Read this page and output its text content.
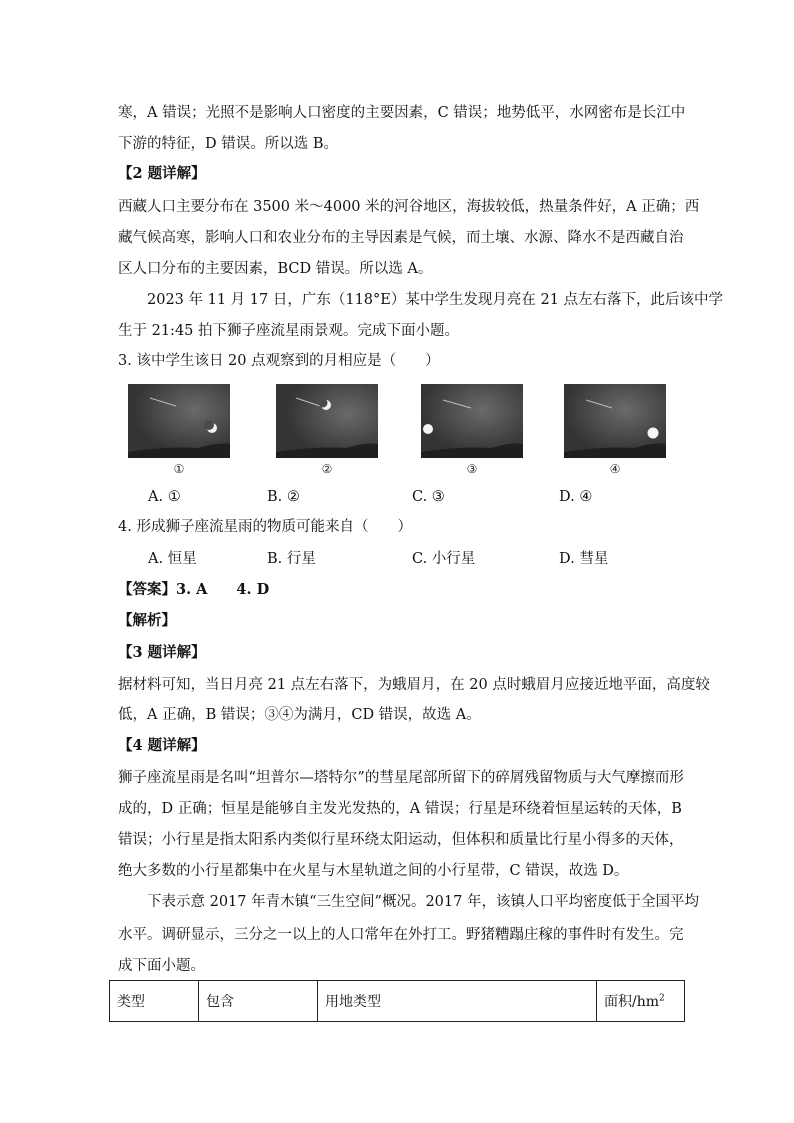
寒，A 错误；光照不是影响人口密度的主要因素，C 错误；地势低平，水网密布是长江中
下游的特征，D 错误。所以选 B。
【2 题详解】
西藏人口主要分布在 3500 米～4000 米的河谷地区，海拔较低，热量条件好，A 正确；西
藏气候高寒，影响人口和农业分布的主导因素是气候，而土壤、水源、降水不是西藏自治
区人口分布的主要因素，BCD 错误。所以选 A。
2023 年 11 月 17 日，广东（118°E）某中学生发现月亮在 21 点左右落下，此后该中学
生于 21:45 拍下狮子座流星雨景观。完成下面小题。
3. 该中学生该日 20 点观察到的月相应是（　　）
①	②	③	④
A. ①	B. ②	C. ③	D. ④
4. 形成狮子座流星雨的物质可能来自（　　）
A. 恒星	B. 行星	C. 小行星	D. 彗星
【答案】3. A　　4. D
【解析】
【3 题详解】
据材料可知，当日月亮 21 点左右落下，为蛾眉月，在 20 点时蛾眉月应接近地平面，高度较
低，A 正确，B 错误；③④为满月，CD 错误，故选 A。
【4 题详解】
狮子座流星雨是名叫“坦普尔—塔特尔”的彗星尾部所留下的碎屑残留物质与大气摩擦而形
成的，D 正确；恒星是能够自主发光发热的，A 错误；行星是环绕着恒星运转的天体，B
错误；小行星是指太阳系内类似行星环绕太阳运动，但体积和质量比行星小得多的天体，
绝大多数的小行星都集中在火星与木星轨道之间的小行星带，C 错误，故选 D。
下表示意 2017 年青木镇“三生空间”概况。2017 年，该镇人口平均密度低于全国平均
水平。调研显示，三分之一以上的人口常年在外打工。野猪糟蹋庄稼的事件时有发生。完
成下面小题。
类型	包含	用地类型	面积$/hm^2$
